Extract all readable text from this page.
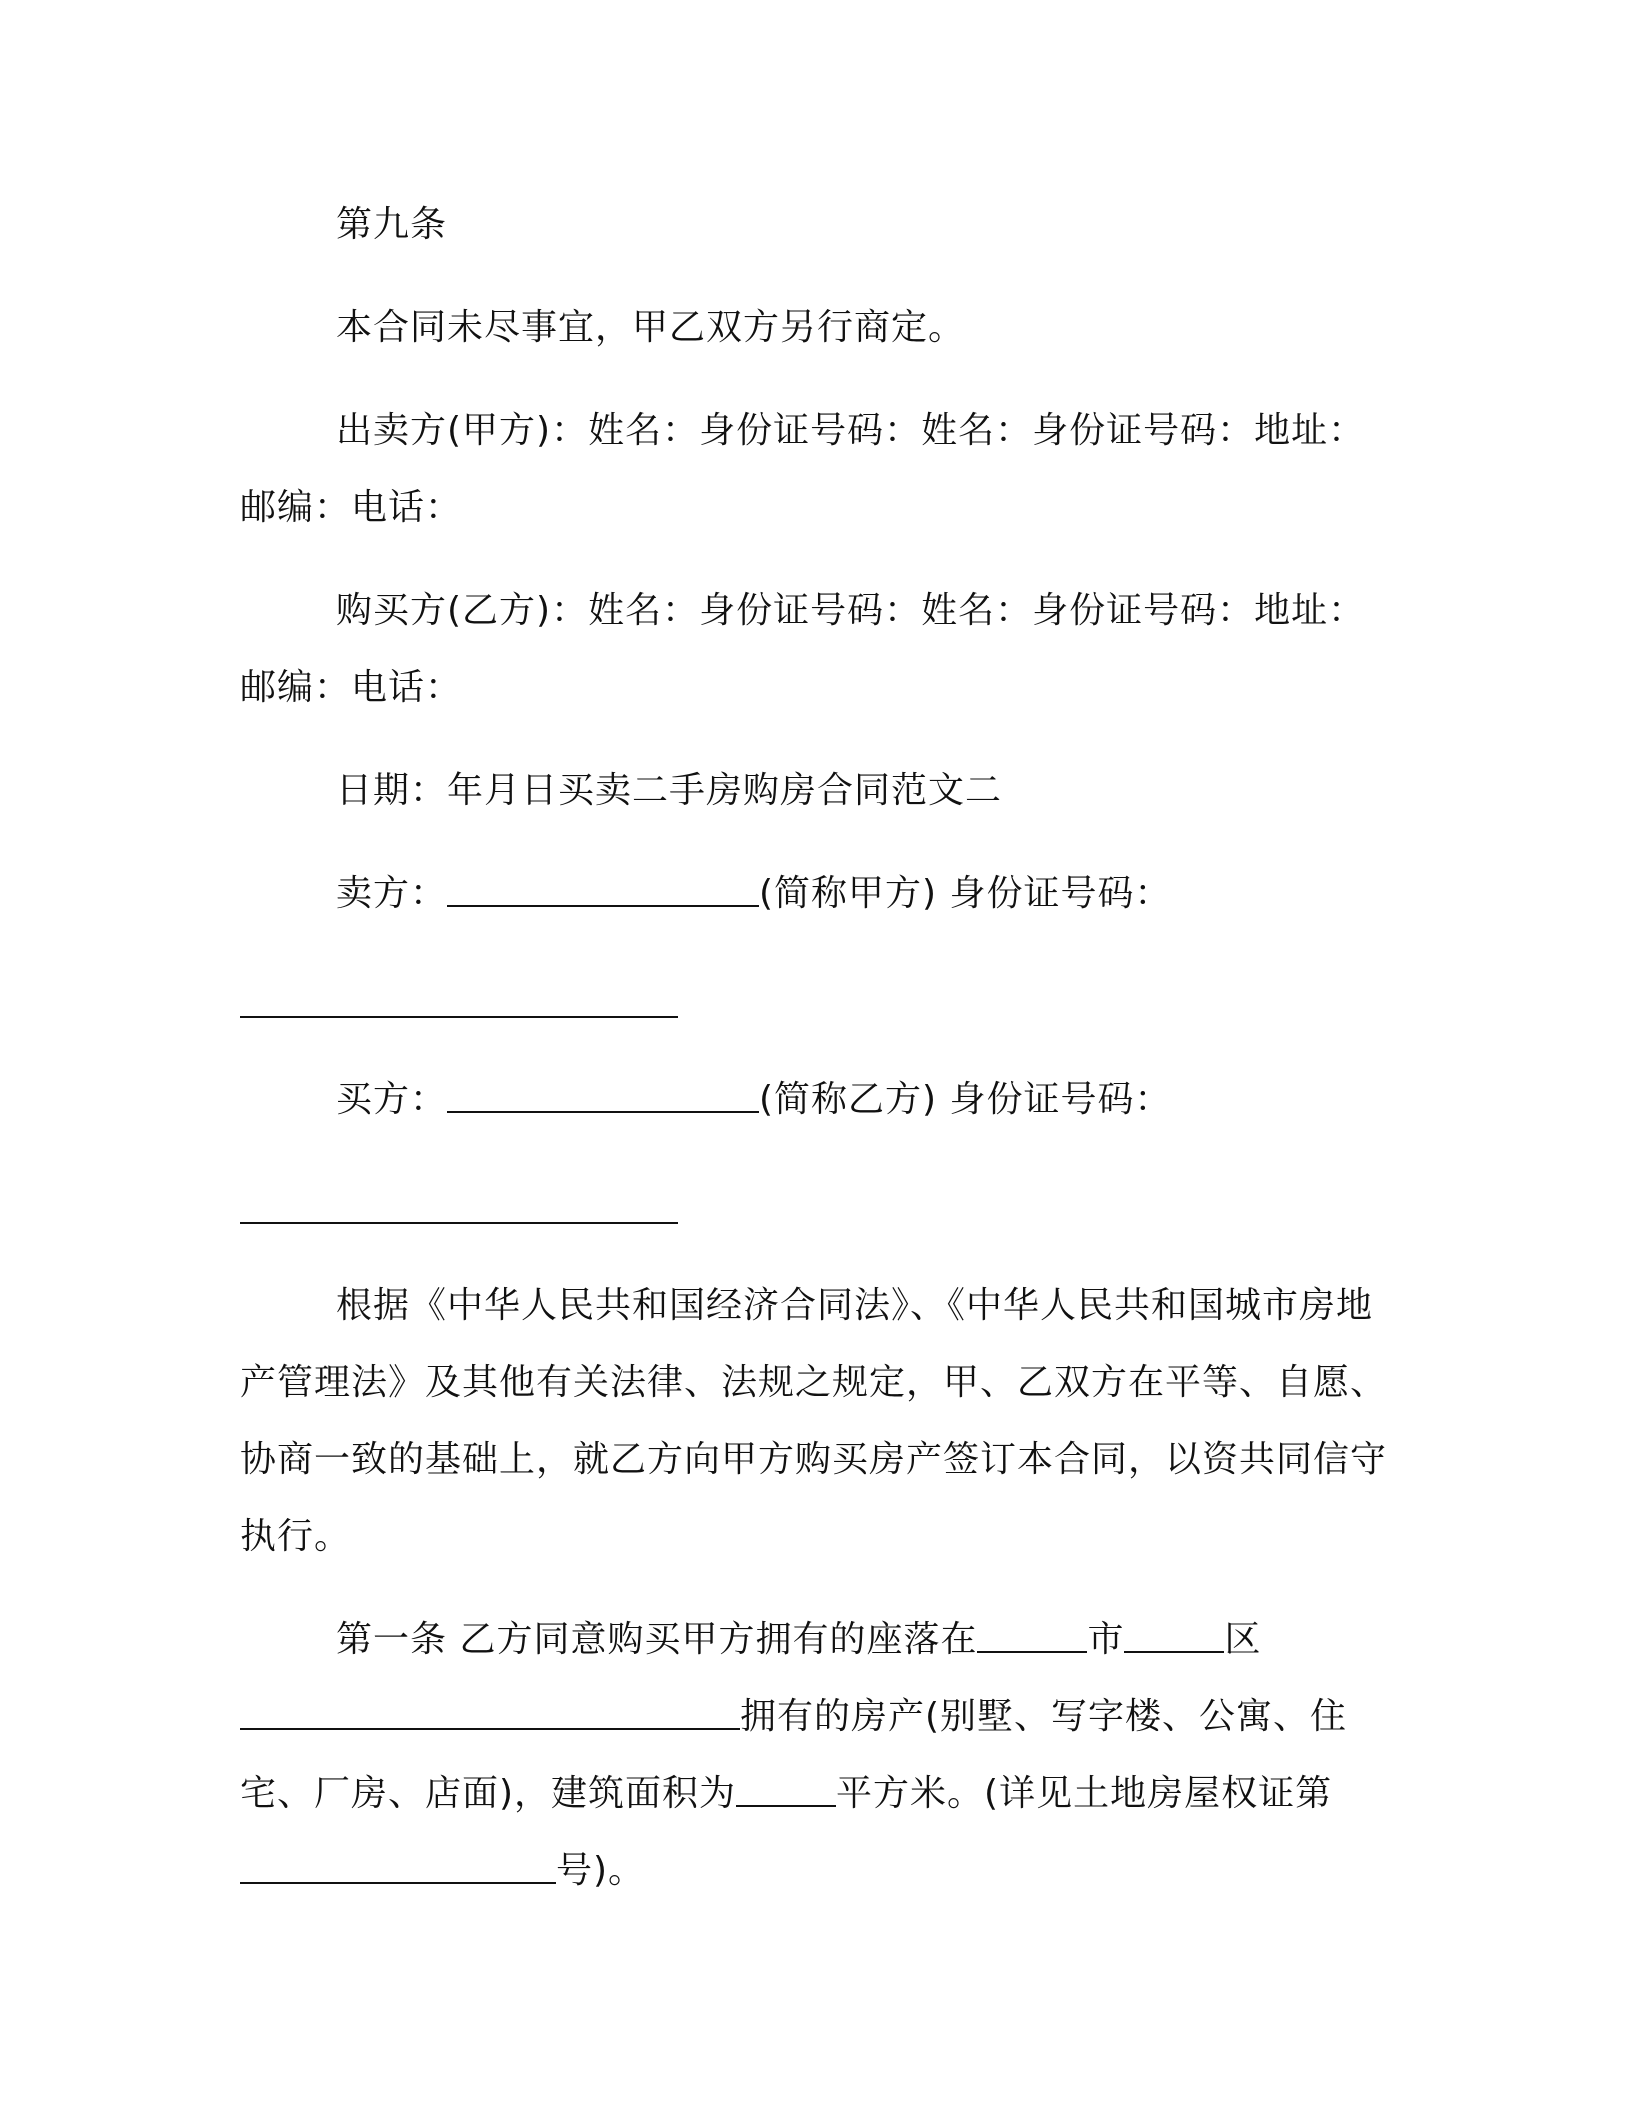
第九条

本合同未尽事宜，甲乙双方另行商定。

出卖方(甲方)：姓名：身份证号码：姓名：身份证号码：地址：邮编：电话：

购买方(乙方)：姓名：身份证号码：姓名：身份证号码：地址：邮编：电话：

日期：年月日买卖二手房购房合同范文二

卖方：	(简称甲方) 身份证号码：

买方：	(简称乙方) 身份证号码：

根据《中华人民共和国经济合同法》、《中华人民共和国城市房地产管理法》及其他有关法律、法规之规定，甲、乙双方在平等、自愿、协商一致的基础上，就乙方向甲方购买房产签订本合同，以资共同信守执行。

第一条 乙方同意购买甲方拥有的座落在	市	区拥有的房产(别墅、写字楼、公寓、住宅、厂房、店面)，建筑面积为	平方米。(详见土地房屋权证第号)。
